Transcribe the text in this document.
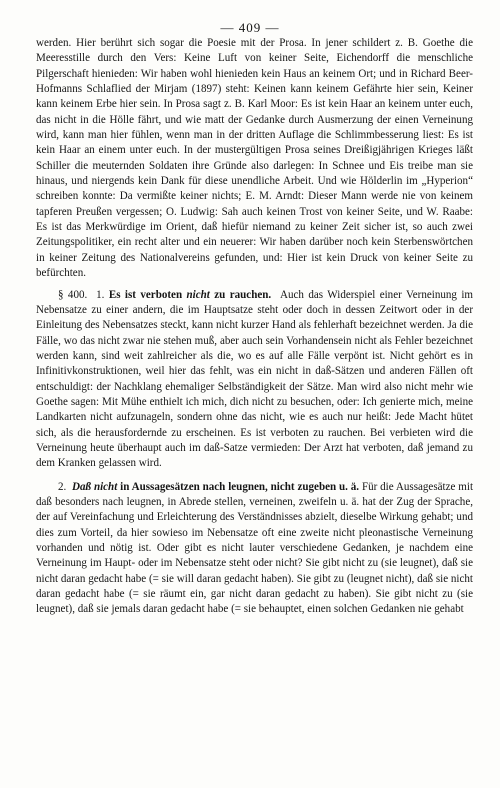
— 409 —

werden. Hier berührt sich sogar die Poesie mit der Prosa. In jener schildert z. B. Goethe die Meeresstille durch den Vers: Keine Luft von keiner Seite, Eichendorff die menschliche Pilgerschaft hienieden: Wir haben wohl hienieden kein Haus an keinem Ort; und in Richard Beer-Hofmanns Schlaflied der Mirjam (1897) steht: Keinen kann keinem Gefährte hier sein, Keiner kann keinem Erbe hier sein. In Prosa sagt z. B. Karl Moor: Es ist kein Haar an keinem unter euch, das nicht in die Hölle fährt, und wie matt der Gedanke durch Ausmerzung der einen Verneinung wird, kann man hier fühlen, wenn man in der dritten Auflage die Schlimmbesserung liest: Es ist kein Haar an einem unter euch. In der mustergültigen Prosa seines Dreißigjährigen Krieges läßt Schiller die meuternden Soldaten ihre Gründe also darlegen: In Schnee und Eis treibe man sie hinaus, und niergends kein Dank für diese unendliche Arbeit. Und wie Hölderlin im „Hyperion“ schreiben konnte: Da vermißte keiner nichts; E. M. Arndt: Dieser Mann werde nie von keinem tapferen Preußen vergessen; O. Ludwig: Sah auch keinen Trost von keiner Seite, und W. Raabe: Es ist das Merkwürdige im Orient, daß hiefür niemand zu keiner Zeit sicher ist, so auch zwei Zeitungspolitiker, ein recht alter und ein neuerer: Wir haben darüber noch kein Sterbenswörtchen in keiner Zeitung des Nationalvereins gefunden, und: Hier ist kein Druck von keiner Seite zu befürchten.

§ 400. 1. Es ist verboten nicht zu rauchen. Auch das Widerspiel einer Verneinung im Nebensatze zu einer andern, die im Hauptsatze steht oder doch in dessen Zeitwort oder in der Einleitung des Nebensatzes steckt, kann nicht kurzer Hand als fehlerhaft bezeichnet werden. Ja die Fälle, wo das nicht zwar nie stehen muß, aber auch sein Vorhandensein nicht als Fehler bezeichnet werden kann, sind weit zahlreicher als die, wo es auf alle Fälle verpönt ist. Nicht gehört es in Infinitivkonstruktionen, weil hier das fehlt, was ein nicht in daß-Sätzen und anderen Fällen oft entschuldigt: der Nachklang ehemaliger Selbständigkeit der Sätze. Man wird also nicht mehr wie Goethe sagen: Mit Mühe enthielt ich mich, dich nicht zu besuchen, oder: Ich genierte mich, meine Landkarten nicht aufzunageln, sondern ohne das nicht, wie es auch nur heißt: Jede Macht hütet sich, als die herausfordernde zu erscheinen. Es ist verboten zu rauchen. Bei verbieten wird die Verneinung heute überhaupt auch im daß-Satze vermieden: Der Arzt hat verboten, daß jemand zu dem Kranken gelassen wird.

2. Daß nicht in Aussagesätzen nach leugnen, nicht zugeben u. ä. Für die Aussagesätze mit daß besonders nach leugnen, in Abrede stellen, verneinen, zweifeln u. ä. hat der Zug der Sprache, der auf Vereinfachung und Erleichterung des Verständnisses abzielt, dieselbe Wirkung gehabt; und dies zum Vorteil, da hier sowieso im Nebensatze oft eine zweite nicht pleonastische Verneinung vorhanden und nötig ist. Oder gibt es nicht lauter verschiedene Gedanken, je nachdem eine Verneinung im Haupt- oder im Nebensatze steht oder nicht? Sie gibt nicht zu (sie leugnet), daß sie nicht daran gedacht habe (= sie will daran gedacht haben). Sie gibt zu (leugnet nicht), daß sie nicht daran gedacht habe (= sie räumt ein, gar nicht daran gedacht zu haben). Sie gibt nicht zu (sie leugnet), daß sie jemals daran gedacht habe (= sie behauptet, einen solchen Gedanken nie gehabt
